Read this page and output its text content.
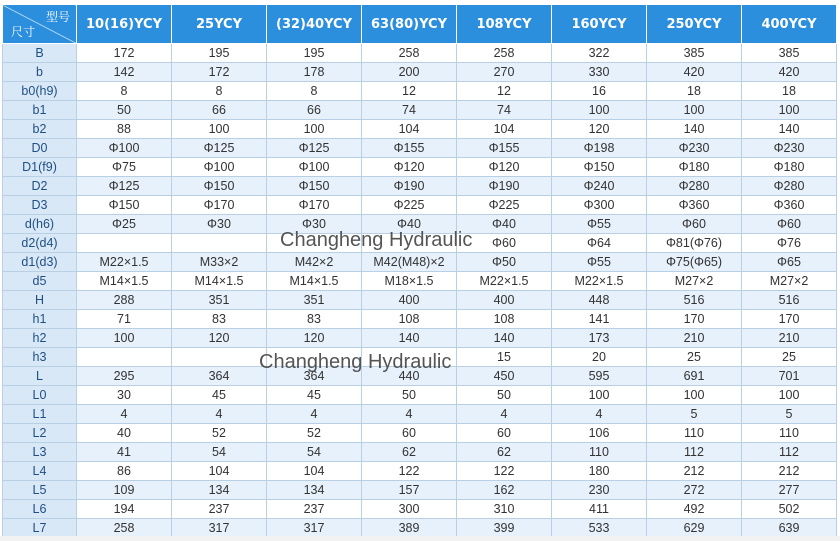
型号
尺寸	10(16)YCY	25YCY	(32)40YCY	63(80)YCY	108YCY	160YCY	250YCY	400YCY
B	172	195	195	258	258	322	385	385
b	142	172	178	200	270	330	420	420
b0(h9)	8	8	8	12	12	16	18	18
b1	50	66	66	74	74	100	100	100
b2	88	100	100	104	104	120	140	140
D0	Φ100	Φ125	Φ125	Φ155	Φ155	Φ198	Φ230	Φ230
D1(f9)	Φ75	Φ100	Φ100	Φ120	Φ120	Φ150	Φ180	Φ180
D2	Φ125	Φ150	Φ150	Φ190	Φ190	Φ240	Φ280	Φ280
D3	Φ150	Φ170	Φ170	Φ225	Φ225	Φ300	Φ360	Φ360
d(h6)	Φ25	Φ30	Φ30	Φ40	Φ40	Φ55	Φ60	Φ60
d2(d4)					Φ60	Φ64	Φ81(Φ76)	Φ76
d1(d3)	M22×1.5	M33×2	M42×2	M42(M48)×2	Φ50	Φ55	Φ75(Φ65)	Φ65
d5	M14×1.5	M14×1.5	M14×1.5	M18×1.5	M22×1.5	M22×1.5	M27×2	M27×2
H	288	351	351	400	400	448	516	516
h1	71	83	83	108	108	141	170	170
h2	100	120	120	140	140	173	210	210
h3					15	20	25	25
L	295	364	364	440	450	595	691	701
L0	30	45	45	50	50	100	100	100
L1	4	4	4	4	4	4	5	5
L2	40	52	52	60	60	106	110	110
L3	41	54	54	62	62	110	112	112
L4	86	104	104	122	122	180	212	212
L5	109	134	134	157	162	230	272	277
L6	194	237	237	300	310	411	492	502
L7	258	317	317	389	399	533	629	639
Changheng Hydraulic
Changheng Hydraulic
